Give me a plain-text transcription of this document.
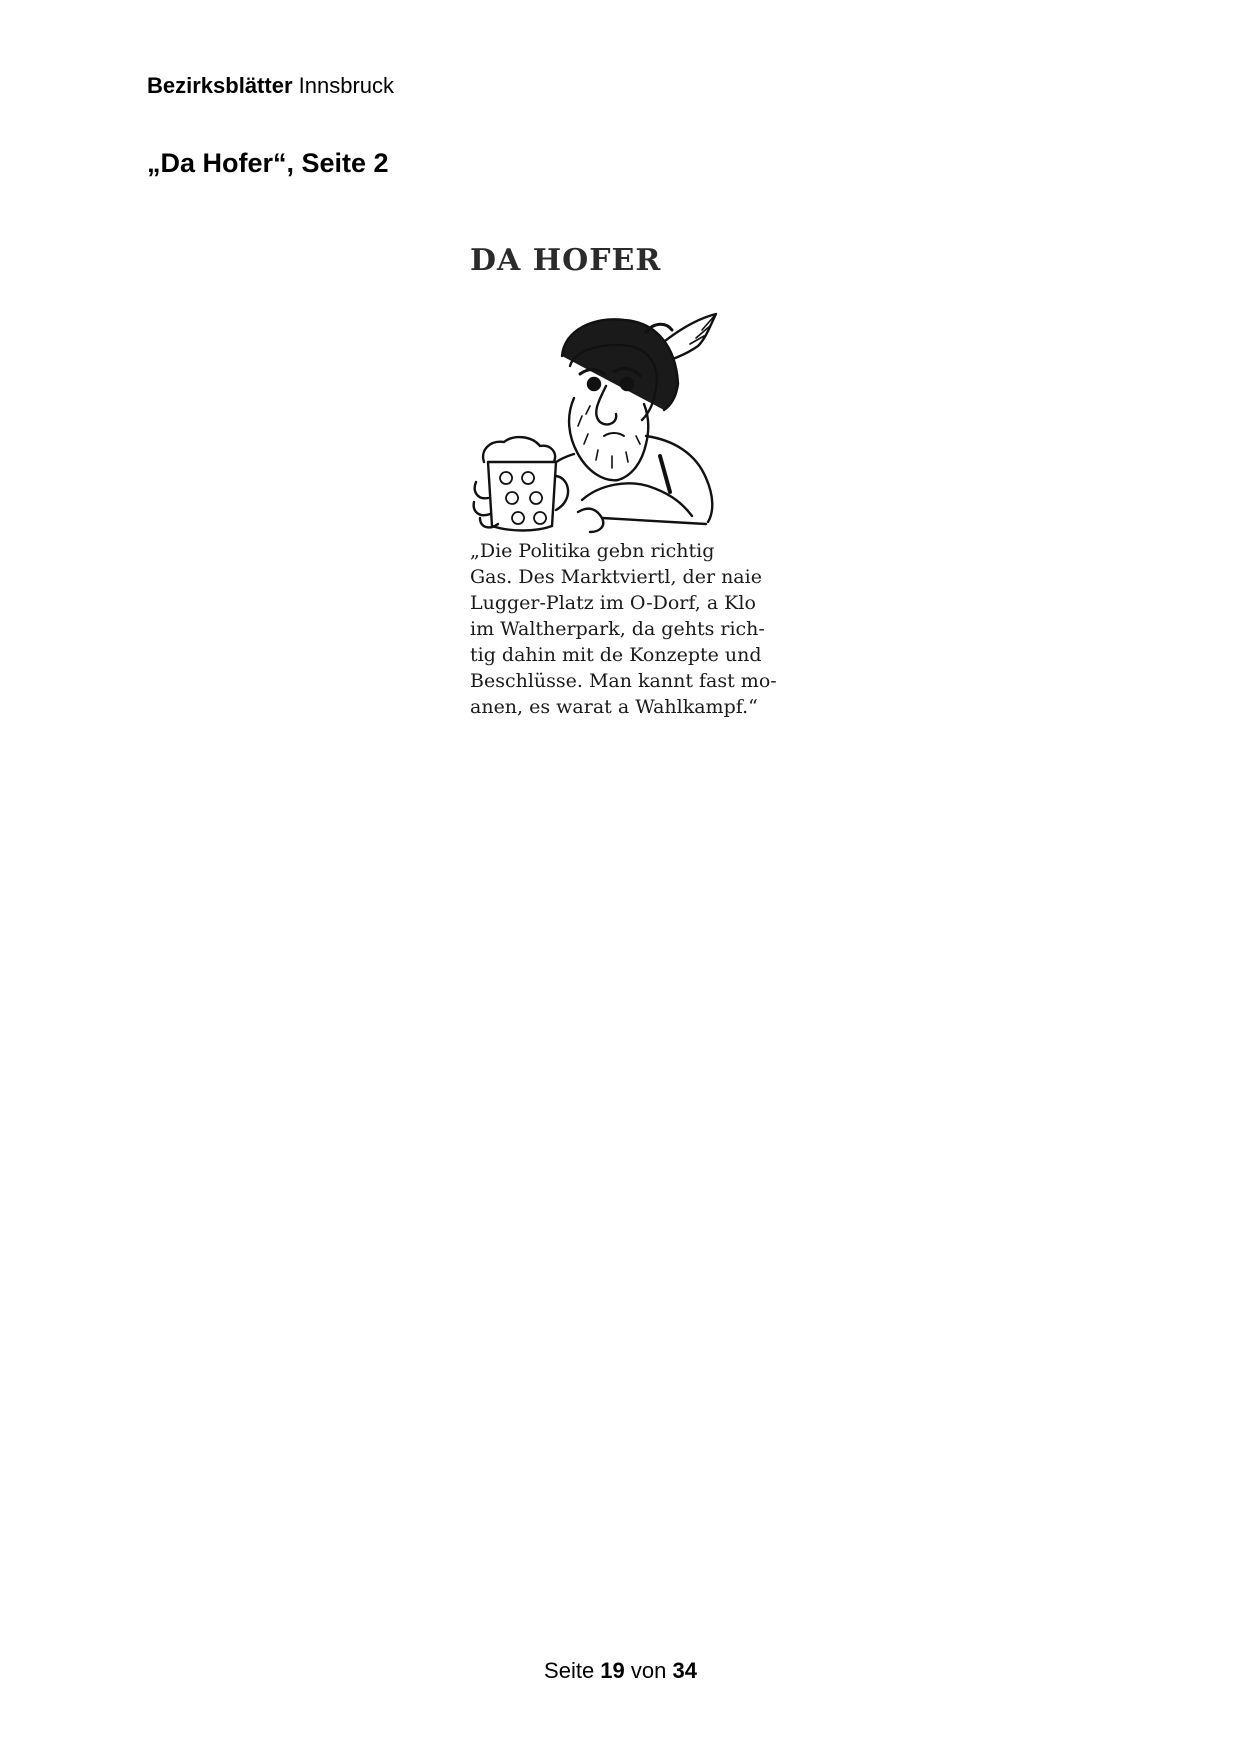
Bezirksblätter Innsbruck
„Da Hofer“, Seite 2
DA HOFER

„Die Politika gebn richtig
Gas. Des Marktviertl, der naie
Lugger-Platz im O-Dorf, a Klo
im Waltherpark, da gehts rich-
tig dahin mit de Konzepte und
Beschlüsse. Man kannt fast mo-
anen, es warat a Wahlkampf.“

Seite 19 von 34
